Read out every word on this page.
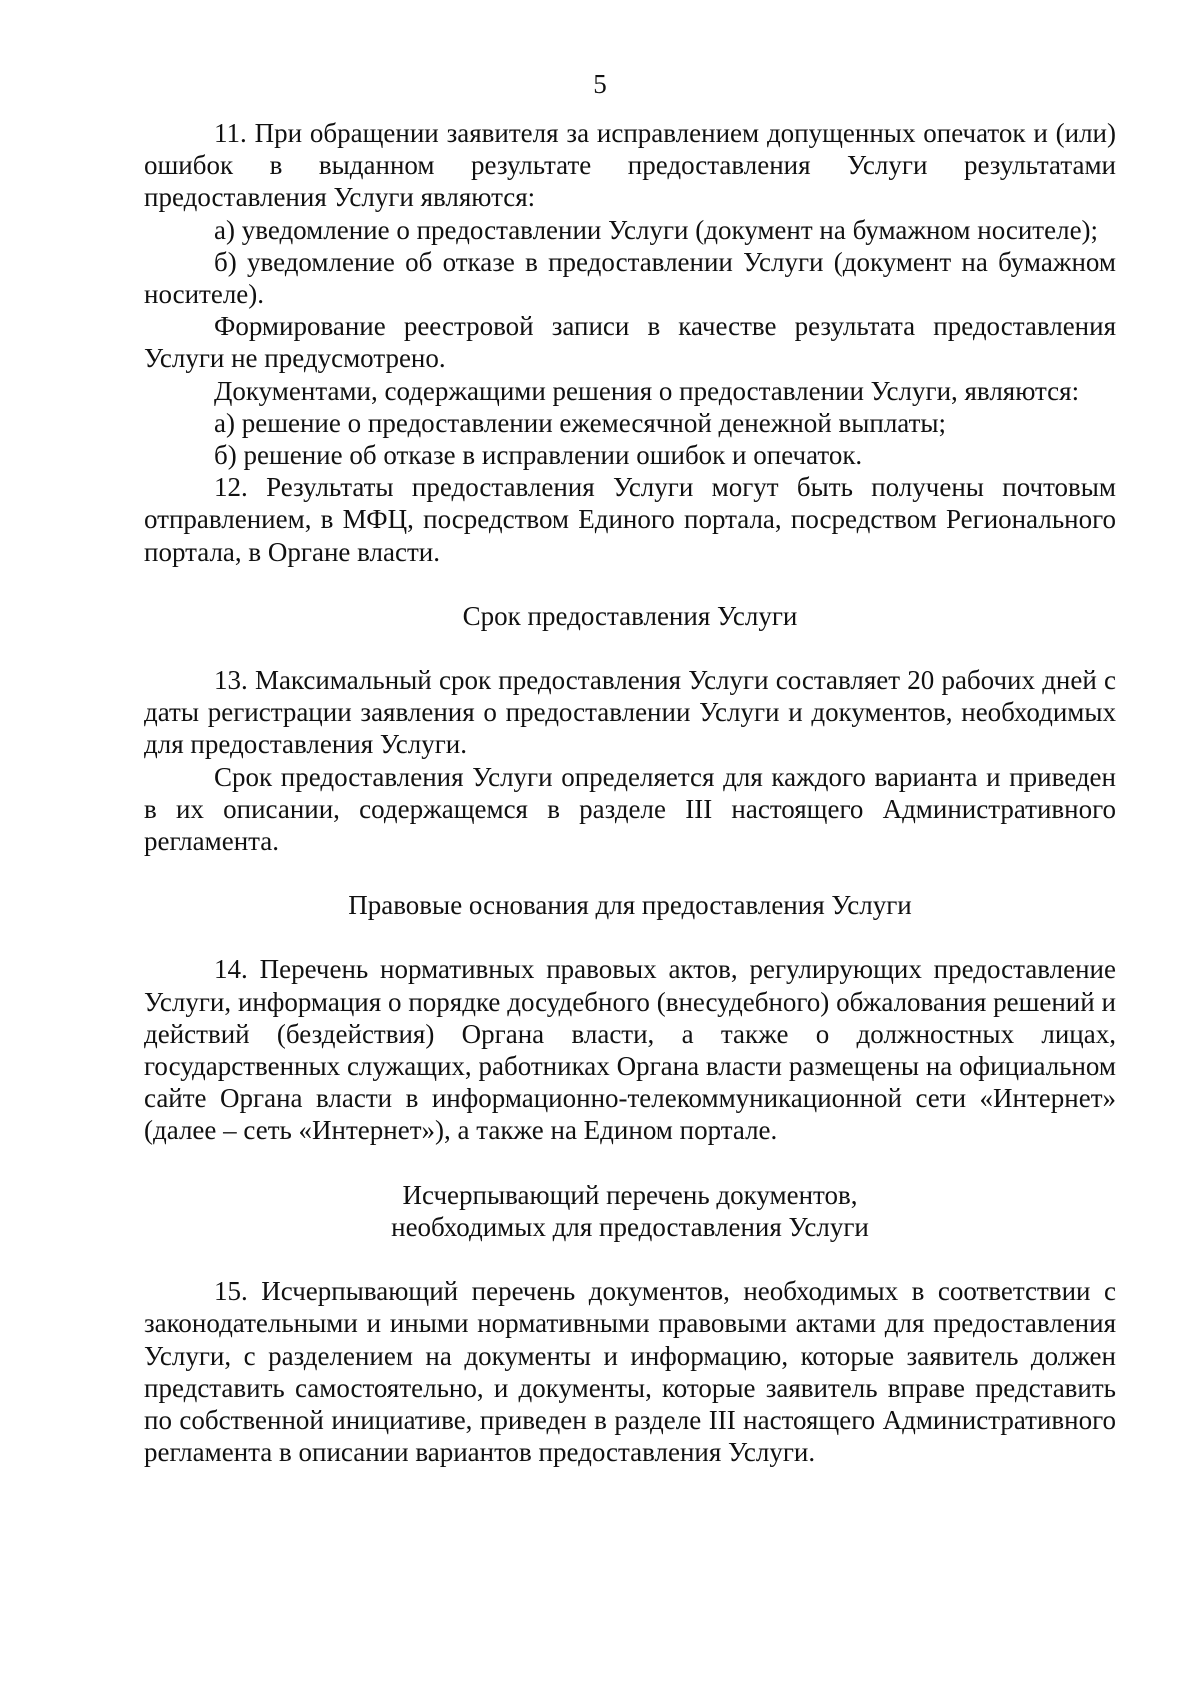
5

11. При обращении заявителя за исправлением допущенных опечаток и (или) ошибок в выданном результате предоставления Услуги результатами предоставления Услуги являются:

а) уведомление о предоставлении Услуги (документ на бумажном носителе);

б) уведомление об отказе в предоставлении Услуги (документ на бумажном носителе).

Формирование реестровой записи в качестве результата предоставления Услуги не предусмотрено.

Документами, содержащими решения о предоставлении Услуги, являются:

а) решение о предоставлении ежемесячной денежной выплаты;

б) решение об отказе в исправлении ошибок и опечаток.

12. Результаты предоставления Услуги могут быть получены почтовым отправлением, в МФЦ, посредством Единого портала, посредством Регионального портала, в Органе власти.

Срок предоставления Услуги

13. Максимальный срок предоставления Услуги составляет 20 рабочих дней с даты регистрации заявления о предоставлении Услуги и документов, необходимых для предоставления Услуги.

Срок предоставления Услуги определяется для каждого варианта и приведен в их описании, содержащемся в разделе III настоящего Административного регламента.

Правовые основания для предоставления Услуги

14. Перечень нормативных правовых актов, регулирующих предоставление Услуги, информация о порядке досудебного (внесудебного) обжалования решений и действий (бездействия) Органа власти, а также о должностных лицах, государственных служащих, работниках Органа власти размещены на официальном сайте Органа власти в информационно-телекоммуникационной сети «Интернет» (далее – сеть «Интернет»), а также на Едином портале.

Исчерпывающий перечень документов,
необходимых для предоставления Услуги

15. Исчерпывающий перечень документов, необходимых в соответствии с законодательными и иными нормативными правовыми актами для предоставления Услуги, с разделением на документы и информацию, которые заявитель должен представить самостоятельно, и документы, которые заявитель вправе представить по собственной инициативе, приведен в разделе III настоящего Административного регламента в описании вариантов предоставления Услуги.
